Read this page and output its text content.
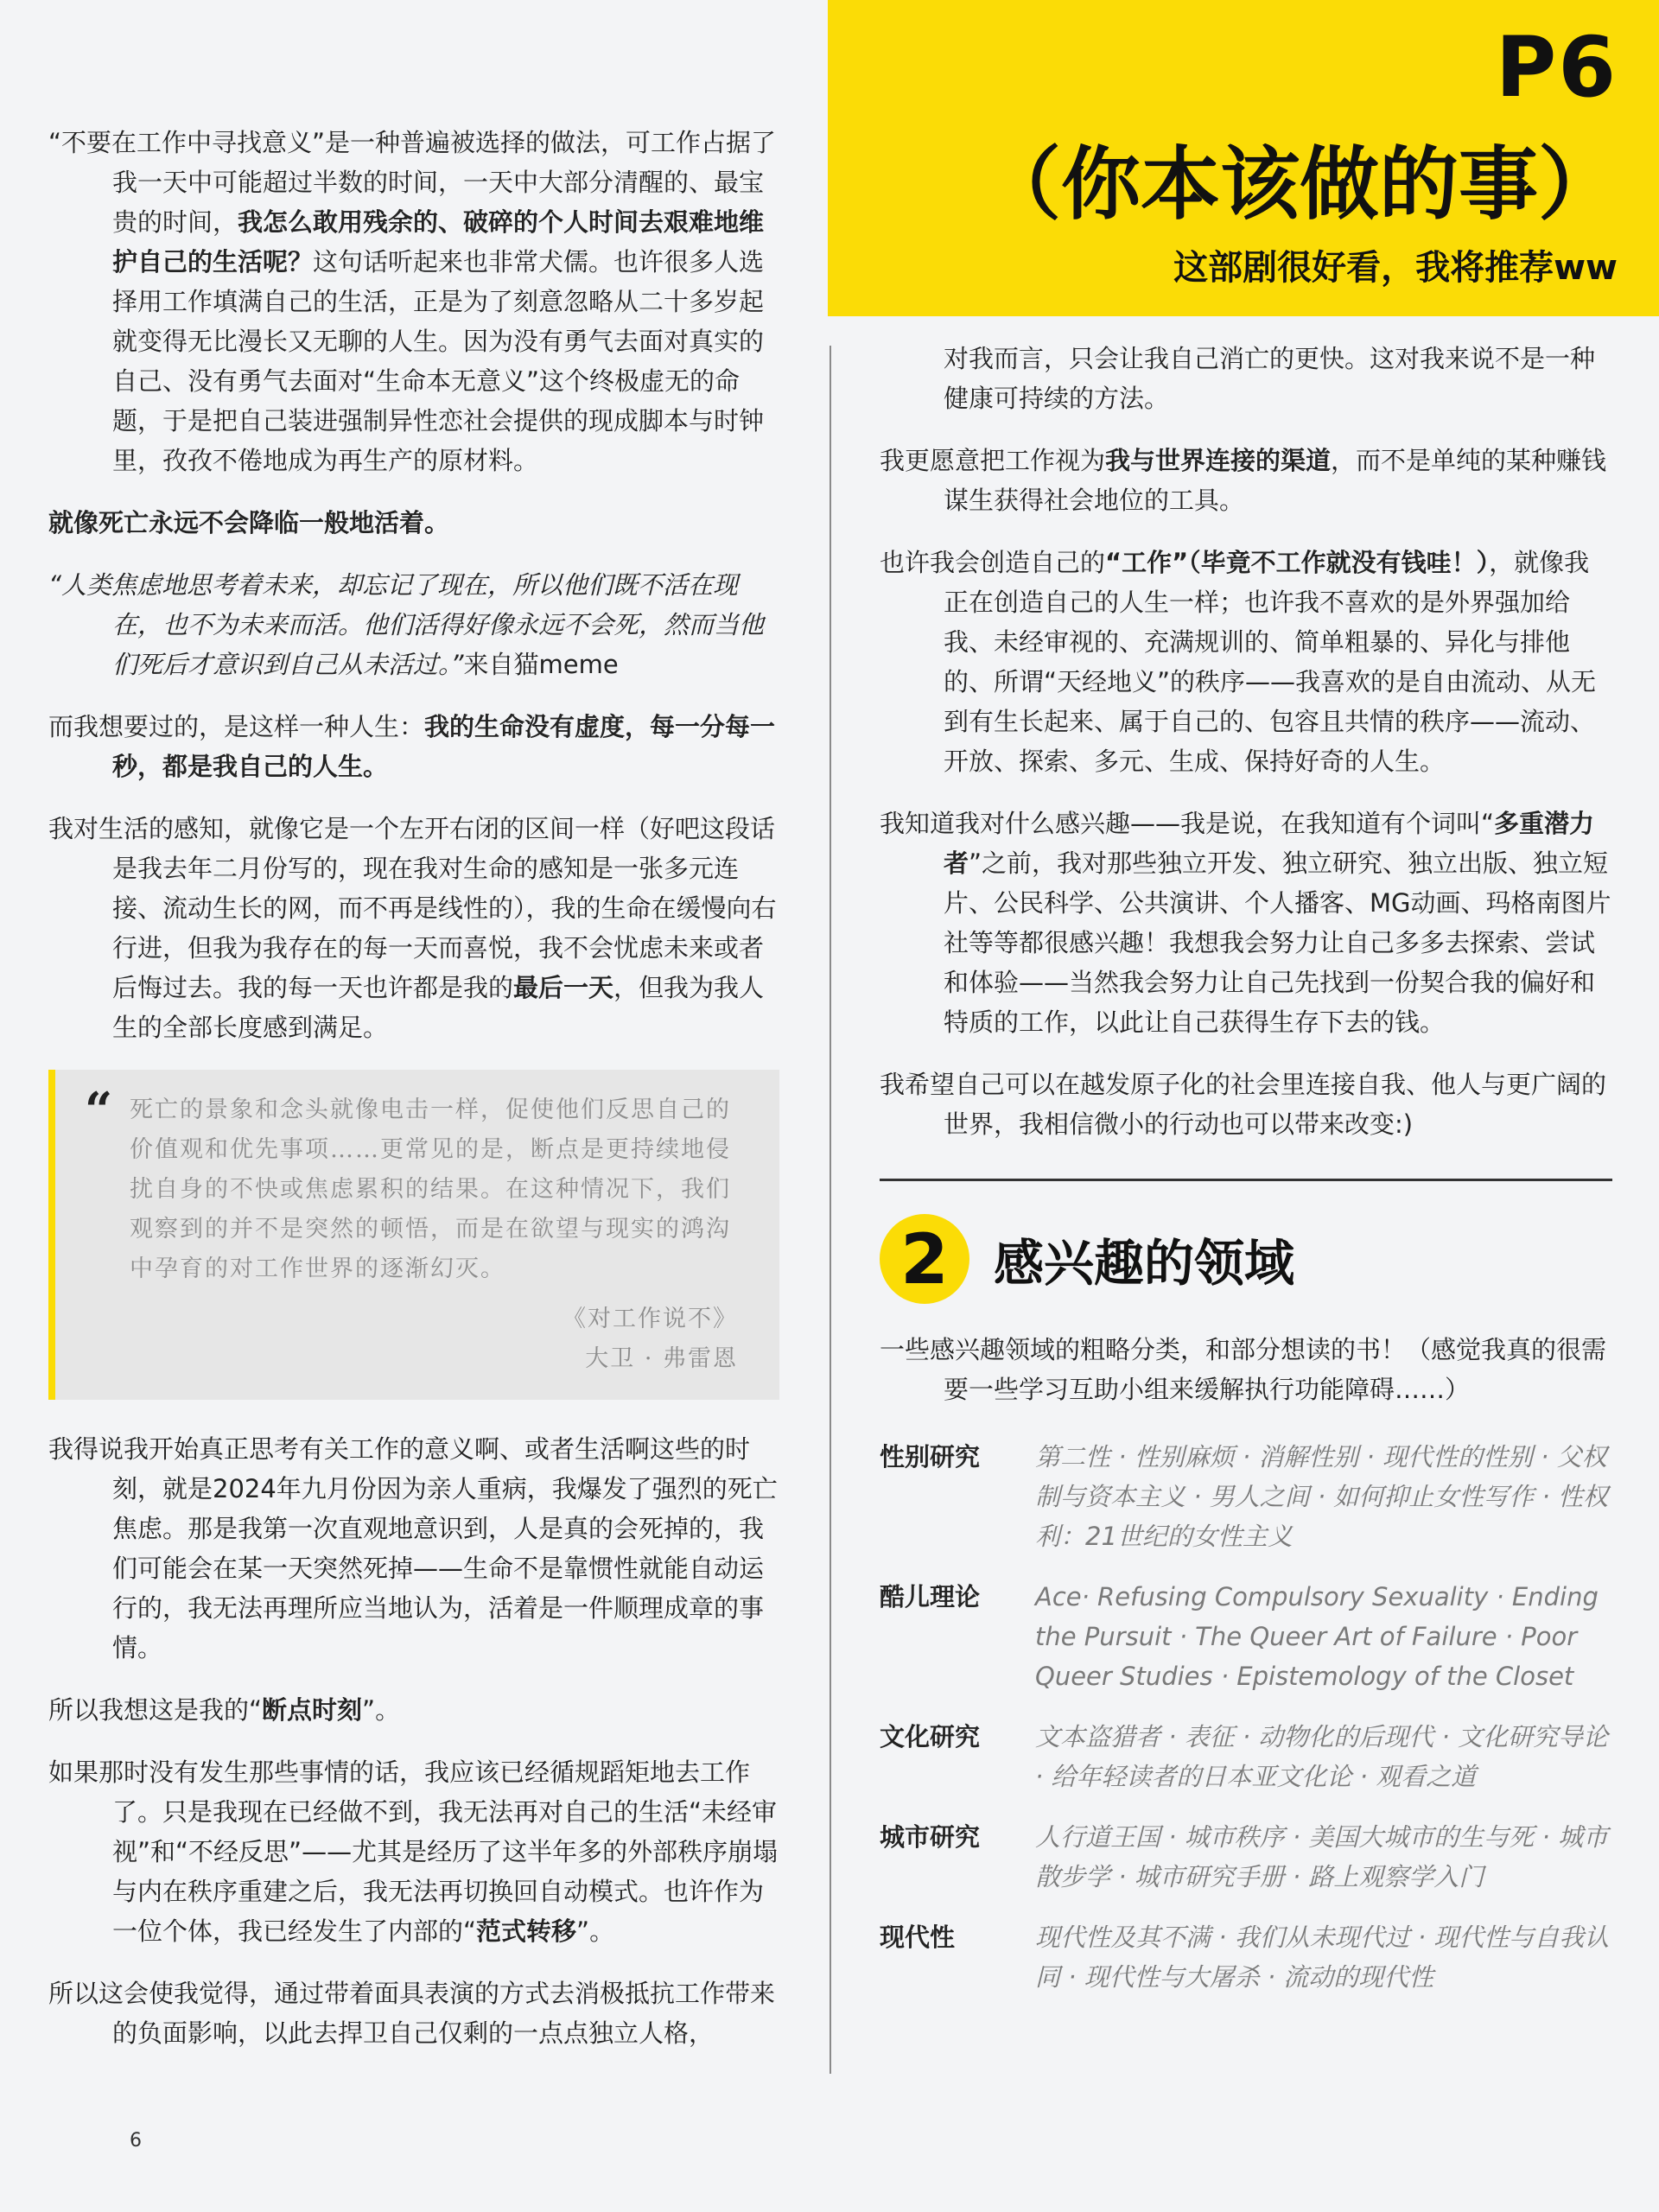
P6
（你本该做的事）
这部剧很好看，我将推荐ww

“不要在工作中寻找意义”是一种普遍被选择的做法，可工作占据了我一天中可能超过半数的时间，一天中大部分清醒的、最宝贵的时间，我怎么敢用残余的、破碎的个人时间去艰难地维护自己的生活呢？这句话听起来也非常犬儒。也许很多人选择用工作填满自己的生活，正是为了刻意忽略从二十多岁起就变得无比漫长又无聊的人生。因为没有勇气去面对真实的自己、没有勇气去面对“生命本无意义”这个终极虚无的命题，于是把自己装进强制异性恋社会提供的现成脚本与时钟里，孜孜不倦地成为再生产的原材料。

就像死亡永远不会降临一般地活着。

“人类焦虑地思考着未来，却忘记了现在，所以他们既不活在现在，也不为未来而活。他们活得好像永远不会死，然而当他们死后才意识到自己从未活过。”来自猫meme

而我想要过的，是这样一种人生：我的生命没有虚度，每一分每一秒，都是我自己的人生。

我对生活的感知，就像它是一个左开右闭的区间一样（好吧这段话是我去年二月份写的，现在我对生命的感知是一张多元连接、流动生长的网，而不再是线性的），我的生命在缓慢向右行进，但我为我存在的每一天而喜悦，我不会忧虑未来或者后悔过去。我的每一天也许都是我的最后一天，但我为我人生的全部长度感到满足。

“ 死亡的景象和念头就像电击一样，促使他们反思自己的价值观和优先事项……更常见的是，断点是更持续地侵扰自身的不快或焦虑累积的结果。在这种情况下，我们观察到的并不是突然的顿悟，而是在欲望与现实的鸿沟中孕育的对工作世界的逐渐幻灭。
《对工作说不》
大卫 · 弗雷恩

我得说我开始真正思考有关工作的意义啊、或者生活啊这些的时刻，就是2024年九月份因为亲人重病，我爆发了强烈的死亡焦虑。那是我第一次直观地意识到，人是真的会死掉的，我们可能会在某一天突然死掉——生命不是靠惯性就能自动运行的，我无法再理所应当地认为，活着是一件顺理成章的事情。

所以我想这是我的“断点时刻”。

如果那时没有发生那些事情的话，我应该已经循规蹈矩地去工作了。只是我现在已经做不到，我无法再对自己的生活“未经审视”和“不经反思”——尤其是经历了这半年多的外部秩序崩塌与内在秩序重建之后，我无法再切换回自动模式。也许作为一位个体，我已经发生了内部的“范式转移”。

所以这会使我觉得，通过带着面具表演的方式去消极抵抗工作带来的负面影响，以此去捍卫自己仅剩的一点点独立人格，

对我而言，只会让我自己消亡的更快。这对我来说不是一种健康可持续的方法。

我更愿意把工作视为我与世界连接的渠道，而不是单纯的某种赚钱谋生获得社会地位的工具。

也许我会创造自己的“工作”（毕竟不工作就没有钱哇！），就像我正在创造自己的人生一样；也许我不喜欢的是外界强加给我、未经审视的、充满规训的、简单粗暴的、异化与排他的、所谓“天经地义”的秩序——我喜欢的是自由流动、从无到有生长起来、属于自己的、包容且共情的秩序——流动、开放、探索、多元、生成、保持好奇的人生。

我知道我对什么感兴趣——我是说，在我知道有个词叫“多重潜力者”之前，我对那些独立开发、独立研究、独立出版、独立短片、公民科学、公共演讲、个人播客、MG动画、玛格南图片社等等都很感兴趣！我想我会努力让自己多多去探索、尝试和体验——当然我会努力让自己先找到一份契合我的偏好和特质的工作，以此让自己获得生存下去的钱。

我希望自己可以在越发原子化的社会里连接自我、他人与更广阔的世界，我相信微小的行动也可以带来改变:)

2 感兴趣的领域

一些感兴趣领域的粗略分类，和部分想读的书！（感觉我真的很需要一些学习互助小组来缓解执行功能障碍……）

性别研究	第二性 · 性别麻烦 · 消解性别 · 现代性的性别 · 父权制与资本主义 · 男人之间 · 如何抑止女性写作 · 性权利：21世纪的女性主义
酷儿理论	Ace· Refusing Compulsory Sexuality · Ending the Pursuit · The Queer Art of Failure · Poor Queer Studies · Epistemology of the Closet
文化研究	文本盗猎者 · 表征 · 动物化的后现代 · 文化研究导论 · 给年轻读者的日本亚文化论 · 观看之道
城市研究	人行道王国 · 城市秩序 · 美国大城市的生与死 · 城市散步学 · 城市研究手册 · 路上观察学入门
现代性	现代性及其不满 · 我们从未现代过 · 现代性与自我认同 · 现代性与大屠杀 · 流动的现代性
6
